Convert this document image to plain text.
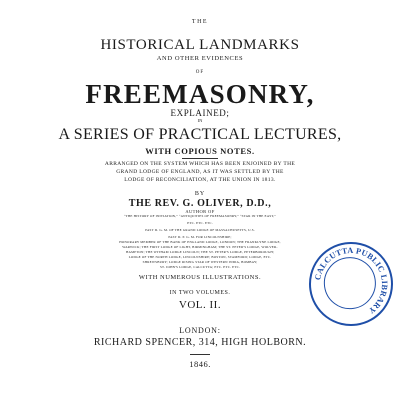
THE
HISTORICAL LANDMARKS
AND OTHER EVIDENCES
OF
FREEMASONRY,
EXPLAINED;
IN
A SERIES OF PRACTICAL LECTURES,
WITH COPIOUS NOTES.
ARRANGED ON THE SYSTEM WHICH HAS BEEN ENJOINED BY THE
GRAND LODGE OF ENGLAND, AS IT WAS SETTLED BY THE
LODGE OF RECONCILIATION, AT THE UNION IN 1813.
BY
THE REV. G. OLIVER, D.D.,
AUTHOR OF
“THE HISTORY OF INITIATION,” “ANTIQUITIES OF FREEMASONRY,” “STAR IN THE EAST,”
ETC. ETC. ETC.
PAST D. G. M. OF THE GRAND LODGE OF MASSACHUSETTS, U.S.
PAST D. P. G. M. FOR LINCOLNSHIRE;
HONORARY MEMBER OF THE BANK OF ENGLAND LODGE, LONDON; THE FRANKLYNE LODGE,
WARWICK; THE FIRST LODGE OF LIGHT, BIRMINGHAM; THE ST. PETER'S LODGE, WOLVER-
HAMPTON; THE WITHAM LODGE LINCOLN; THE ST. PETER'S LODGE, PETERBOROUGH;
LODGE OF THE NORTH LODGE, LINCOLNSHIRE; BOSTON, STAMFORD; LODGE, ETC.
SHREWSBURY; LODGE RISING STAR OF WESTERN INDIA, BOMBAY;
ST. JOHN'S LODGE, CALCUTTA; ETC. ETC. ETC.
WITH NUMEROUS ILLUSTRATIONS.
IN TWO VOLUMES.
VOL. II.
LONDON:
RICHARD SPENCER, 314, HIGH HOLBORN.
1846.
CALCUTTA PUBLIC LIBRARY
